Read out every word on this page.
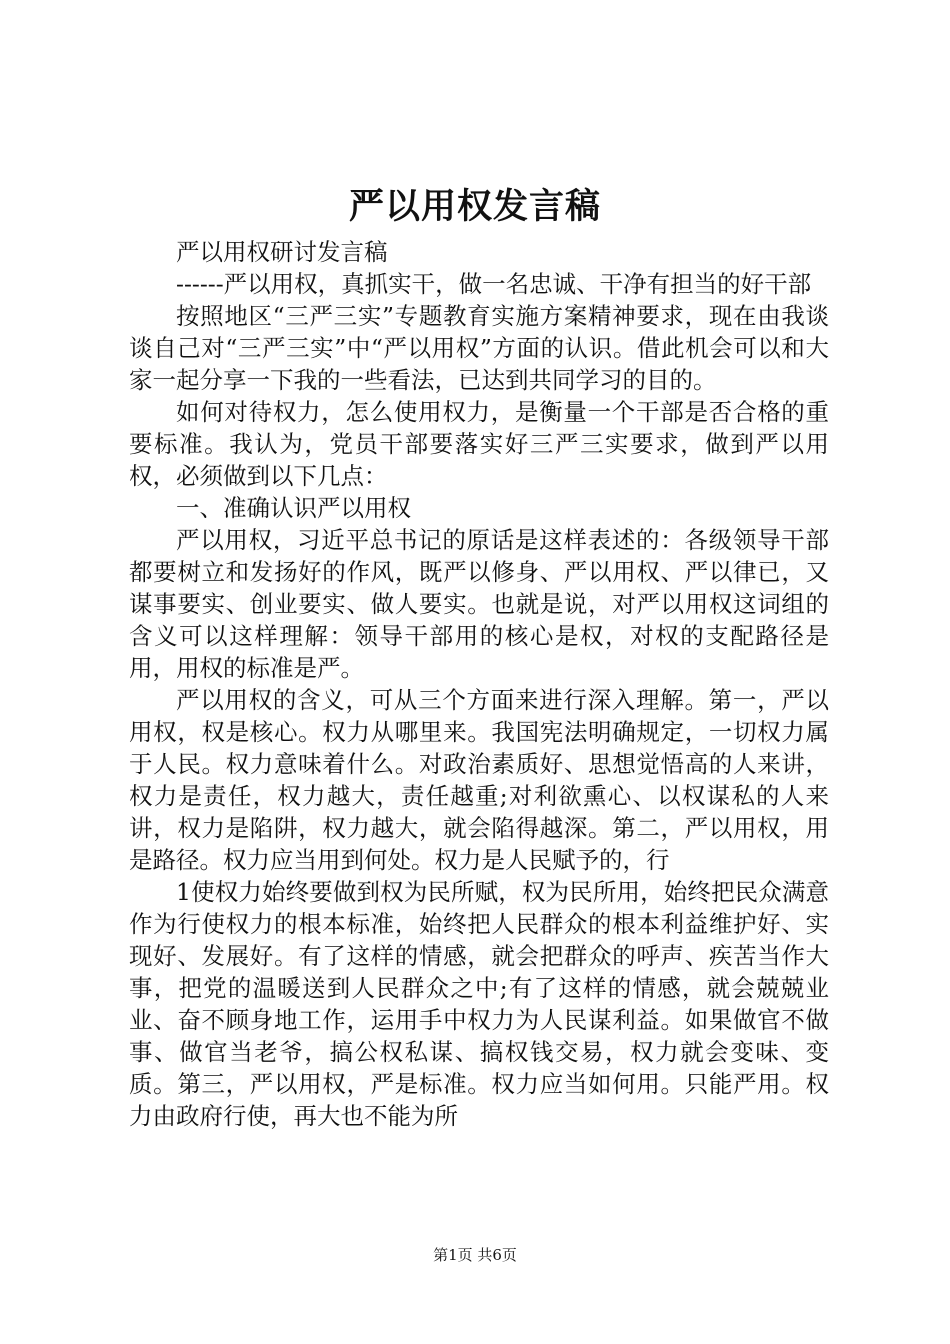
严以用权发言稿

严以用权研讨发言稿

------严以用权，真抓实干，做一名忠诚、干净有担当的好干部

按照地区“三严三实”专题教育实施方案精神要求，现在由我谈谈自己对“三严三实”中“严以用权”方面的认识。借此机会可以和大家一起分享一下我的一些看法，已达到共同学习的目的。

如何对待权力，怎么使用权力，是衡量一个干部是否合格的重要标准。我认为，党员干部要落实好三严三实要求，做到严以用权，必须做到以下几点：

一、准确认识严以用权

严以用权，习近平总书记的原话是这样表述的：各级领导干部都要树立和发扬好的作风，既严以修身、严以用权、严以律已，又谋事要实、创业要实、做人要实。也就是说，对严以用权这词组的含义可以这样理解：领导干部用的核心是权，对权的支配路径是用，用权的标准是严。

严以用权的含义，可从三个方面来进行深入理解。第一，严以用权，权是核心。权力从哪里来。我国宪法明确规定，一切权力属于人民。权力意味着什么。对政治素质好、思想觉悟高的人来讲，权力是责任，权力越大，责任越重;对利欲熏心、以权谋私的人来讲，权力是陷阱，权力越大，就会陷得越深。第二，严以用权，用是路径。权力应当用到何处。权力是人民赋予的，行

1使权力始终要做到权为民所赋，权为民所用，始终把民众满意作为行使权力的根本标准，始终把人民群众的根本利益维护好、实现好、发展好。有了这样的情感，就会把群众的呼声、疾苦当作大事，把党的温暖送到人民群众之中;有了这样的情感，就会兢兢业业、奋不顾身地工作，运用手中权力为人民谋利益。如果做官不做事、做官当老爷，搞公权私谋、搞权钱交易，权力就会变味、变质。第三，严以用权，严是标准。权力应当如何用。只能严用。权力由政府行使，再大也不能为所

第1页 共6页
